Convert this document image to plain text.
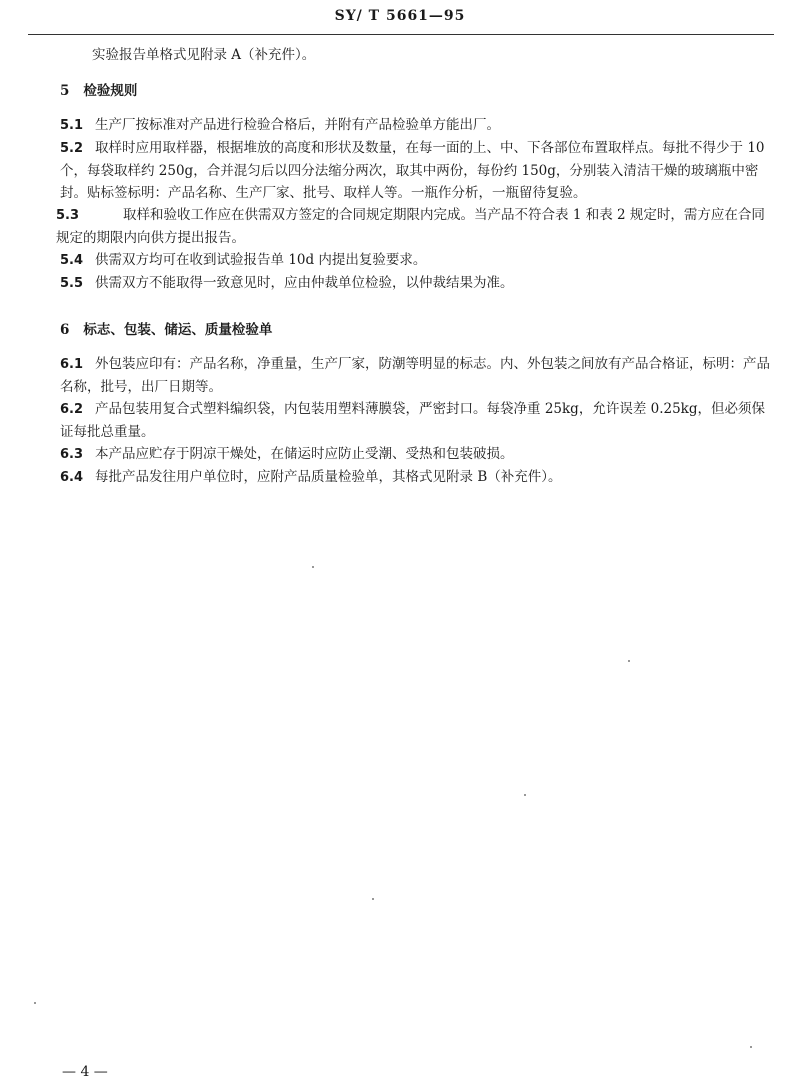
SY/ T 5661—95

实验报告单格式见附录 A（补充件）。

5 检验规则

5.1 生产厂按标准对产品进行检验合格后，并附有产品检验单方能出厂。

5.2 取样时应用取样器，根据堆放的高度和形状及数量，在每一面的上、中、下各部位布置取样点。每批不得少于 10 个，每袋取样约 250g，合并混匀后以四分法缩分两次，取其中两份，每份约 150g，分别装入清洁干燥的玻璃瓶中密封。贴标签标明：产品名称、生产厂家、批号、取样人等。一瓶作分析，一瓶留待复验。

5.3	取样和验收工作应在供需双方签定的合同规定期限内完成。当产品不符合表 1 和表 2 规定时，需方应在合同规定的期限内向供方提出报告。

5.4 供需双方均可在收到试验报告单 10d 内提出复验要求。

5.5 供需双方不能取得一致意见时，应由仲裁单位检验，以仲裁结果为准。

6 标志、包装、储运、质量检验单

6.1 外包装应印有：产品名称，净重量，生产厂家，防潮等明显的标志。内、外包装之间放有产品合格证，标明：产品名称，批号，出厂日期等。

6.2 产品包装用复合式塑料编织袋，内包装用塑料薄膜袋，严密封口。每袋净重 25kg，允许误差 0.25kg，但必须保证每批总重量。

6.3 本产品应贮存于阴凉干燥处，在储运时应防止受潮、受热和包装破损。

6.4 每批产品发往用户单位时，应附产品质量检验单，其格式见附录 B（补充件）。

— 4 —
